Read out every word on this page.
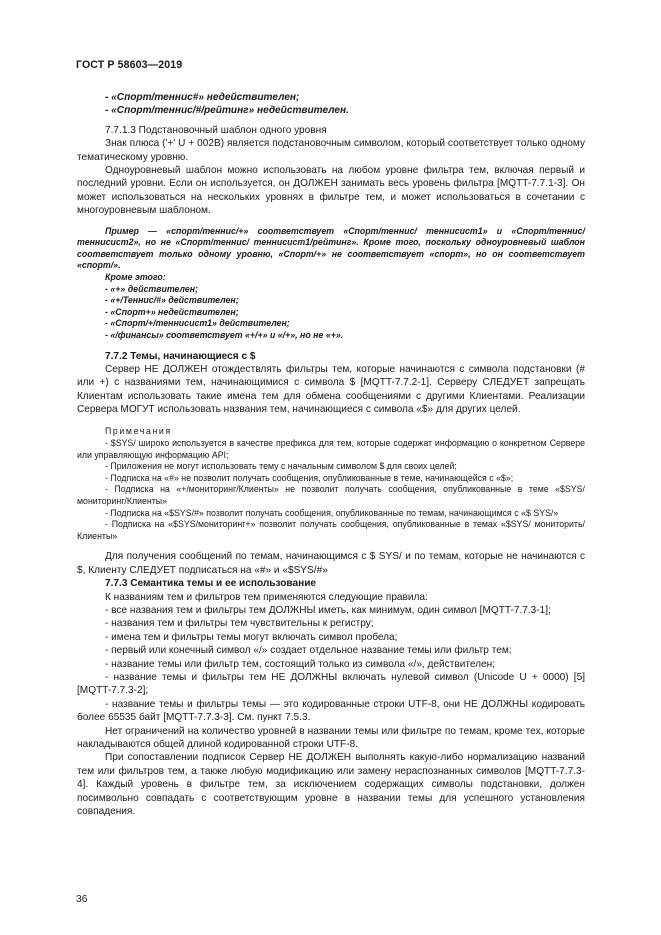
ГОСТ Р 58603—2019

- «Спорт/теннис#» недействителен;

- «Спорт/теннис/#/рейтинг» недействителен.

7.7.1.3 Подстановочный шаблон одного уровня

Знак плюса ('+' U + 002B) является подстановочным символом, который соответствует только одному тематическому уровню.

Одноуровневый шаблон можно использовать на любом уровне фильтра тем, включая первый и последний уровни. Если он используется, он ДОЛЖЕН занимать весь уровень фильтра [MQTT-7.7.1-3]. Он может использоваться на нескольких уровнях в фильтре тем, и может использоваться в сочетании с многоуровневым шаблоном.

Пример — «спорт/теннис/+» соответствует «Спорт/теннис/ теннисист1» и «Спорт/теннис/ теннисист2», но не «Спорт/теннис/ теннисист1/рейтинг». Кроме того, поскольку одноуровневый шаблон соответствует только одному уровню, «Спорт/+» не соответствует «спорт», но он соответствует «спорт/».

Кроме этого:

- «+» действителен;

- «+/Теннис/#» действителен;

- «Спорт+» недействителен;

- «Спорт/+/теннисист1» действителен;

- «/финансы» соответствует «+/+» и «/+», но не «+».

7.7.2 Темы, начинающиеся с $

Сервер НЕ ДОЛЖЕН отождествлять фильтры тем, которые начинаются с символа подстановки (# или +) с названиями тем, начинающимися с символа $ [MQTT-7.7.2-1]. Серверу СЛЕДУЕТ запрещать Клиентам использовать такие имена тем для обмена сообщениями с другими Клиентами. Реализации Сервера МОГУТ использовать названия тем, начинающиеся с символа «$» для других целей.

Примечания

- $SYS/ широко используется в качестве префикса для тем, которые содержат информацию о конкретном Сервере или управляющую информацию API;

- Приложения не могут использовать тему с начальным символом $ для своих целей;

- Подписка на «#» не позволит получать сообщения, опубликованные в теме, начинающейся с «$»;

- Подписка на «+/мониторинг/Клиенты» не позволит получать сообщения, опубликованные в теме «$SYS/ мониторинг/Клиенты»

- Подписка на «$SYS/#» позволит получать сообщения, опубликованные по темам, начинающимся с «$ SYS/»

- Подписка на «$SYS/мониторинг+» позволит получать сообщения, опубликованные в темах «$SYS/ мониторить/Клиенты»

Для получения сообщений по темам, начинающимся с $ SYS/ и по темам, которые не начинаются с $, Клиенту СЛЕДУЕТ подписаться на «#» и «$SYS/#»

7.7.3 Семантика темы и ее использование

К названиям тем и фильтров тем применяются следующие правила:

- все названия тем и фильтры тем ДОЛЖНЫ иметь, как минимум, один символ [MQTT-7.7.3-1];

- названия тем и фильтры тем чувствительны к регистру;

- имена тем и фильтры темы могут включать символ пробела;

- первый или конечный символ «/» создает отдельное название темы или фильтр тем;

- название темы или фильтр тем, состоящий только из символа «/», действителен;

- название темы и фильтры тем НЕ ДОЛЖНЫ включать нулевой символ (Unicode U + 0000) [5] [MQTT-7.7.3-2];

- название темы и фильтры темы — это кодированные строки UTF-8, они НЕ ДОЛЖНЫ кодировать более 65535 байт [MQTT-7.7.3-3]. См. пункт 7.5.3.

Нет ограничений на количество уровней в названии темы или фильтре по темам, кроме тех, которые накладываются общей длиной кодированной строки UTF-8.

При сопоставлении подписок Сервер НЕ ДОЛЖЕН выполнять какую-либо нормализацию названий тем или фильтров тем, а также любую модификацию или замену нераспознанных символов [MQTT-7.7.3-4]. Каждый уровень в фильтре тем, за исключением содержащих символы подстановки, должен посимвольно совпадать с соответствующим уровне в названии темы для успешного установления совпадения.

36
